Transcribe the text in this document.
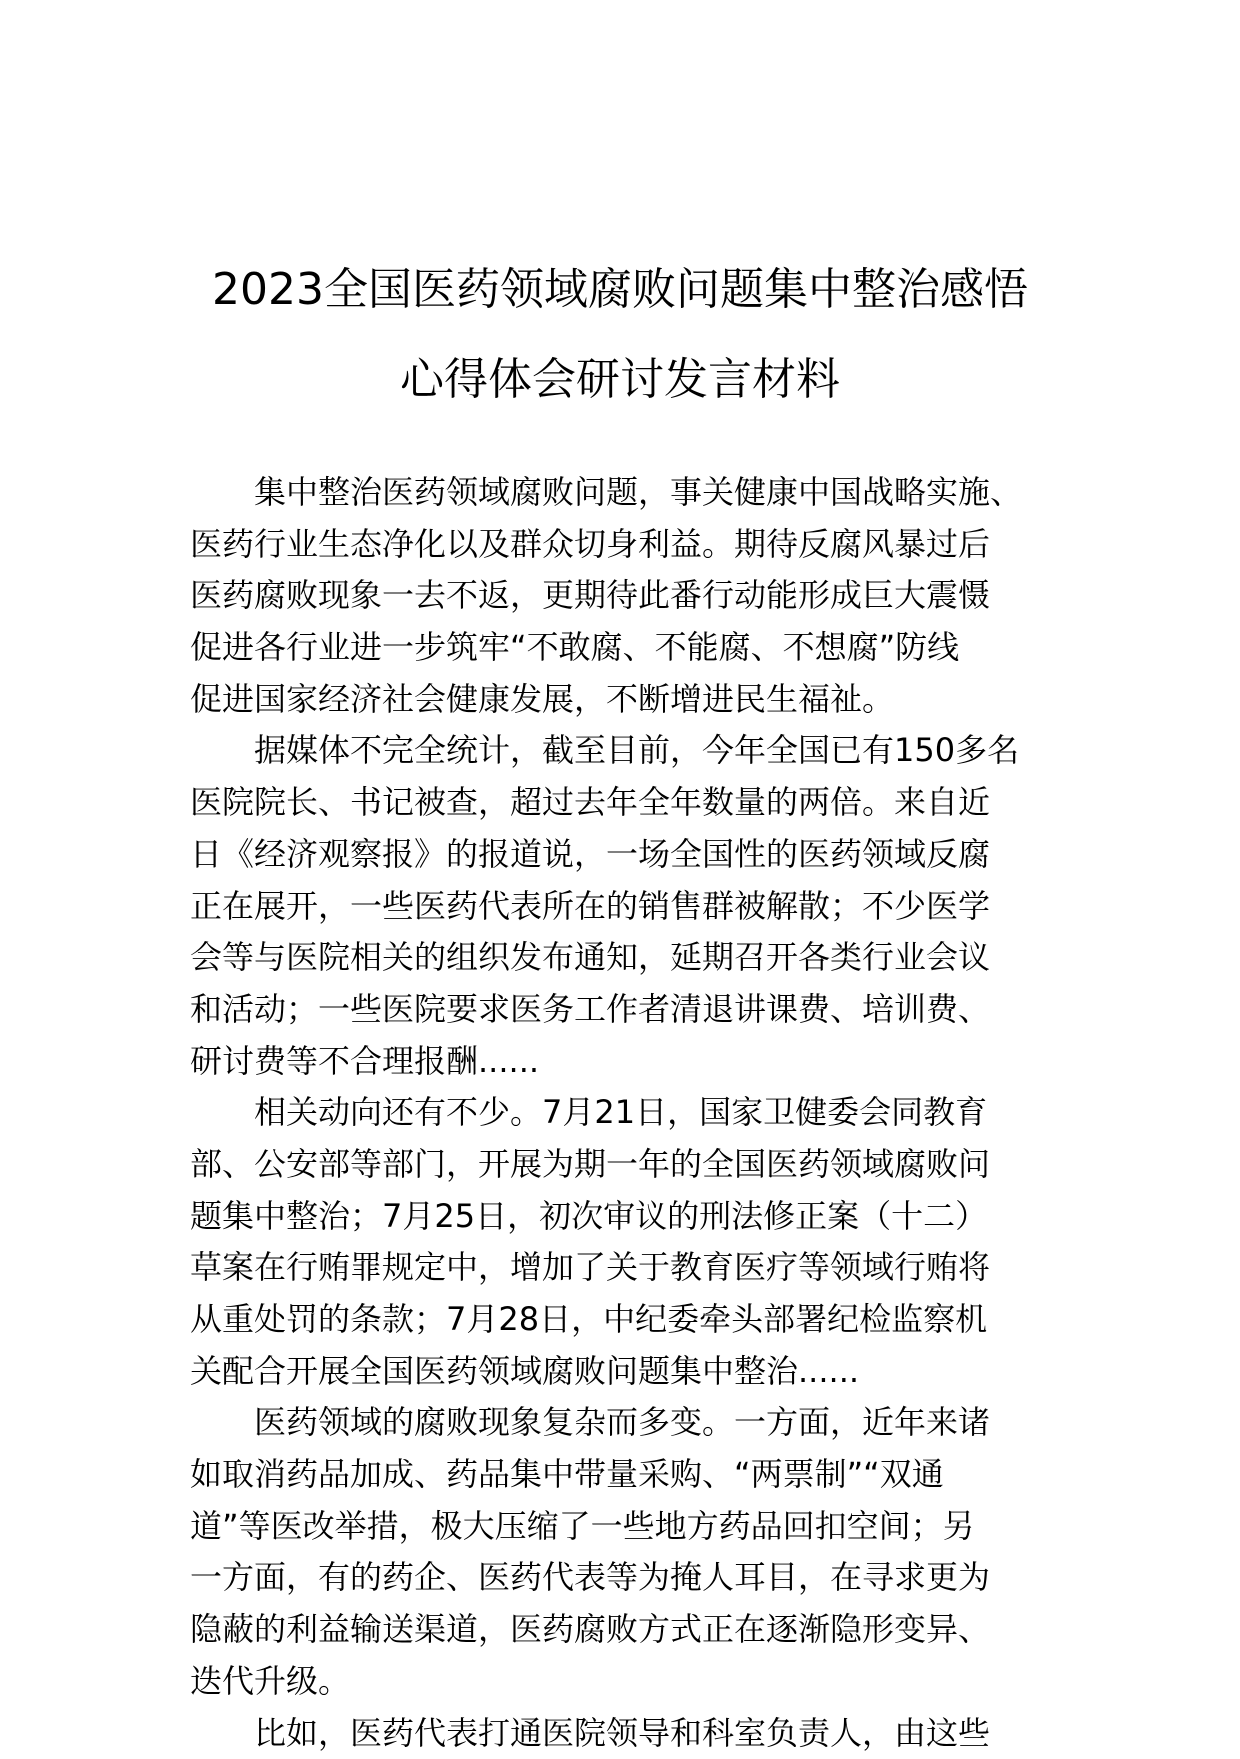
2023全国医药领域腐败问题集中整治感悟
心得体会研讨发言材料
集中整治医药领域腐败问题，事关健康中国战略实施、
医药行业生态净化以及群众切身利益。期待反腐风暴过后
医药腐败现象一去不返，更期待此番行动能形成巨大震慑
促进各行业进一步筑牢“不敢腐、不能腐、不想腐”防线
促进国家经济社会健康发展，不断增进民生福祉。
据媒体不完全统计，截至目前，今年全国已有150多名
医院院长、书记被查，超过去年全年数量的两倍。来自近
日《经济观察报》的报道说，一场全国性的医药领域反腐
正在展开，一些医药代表所在的销售群被解散；不少医学
会等与医院相关的组织发布通知，延期召开各类行业会议
和活动；一些医院要求医务工作者清退讲课费、培训费、
研讨费等不合理报酬......
相关动向还有不少。7月21日，国家卫健委会同教育
部、公安部等部门，开展为期一年的全国医药领域腐败问
题集中整治；7月25日，初次审议的刑法修正案（十二）
草案在行贿罪规定中，增加了关于教育医疗等领域行贿将
从重处罚的条款；7月28日，中纪委牵头部署纪检监察机
关配合开展全国医药领域腐败问题集中整治......
医药领域的腐败现象复杂而多变。一方面，近年来诸
如取消药品加成、药品集中带量采购、“两票制”“双通
道”等医改举措，极大压缩了一些地方药品回扣空间；另
一方面，有的药企、医药代表等为掩人耳目，在寻求更为
隐蔽的利益输送渠道，医药腐败方式正在逐渐隐形变异、
迭代升级。
比如，医药代表打通医院领导和科室负责人，由这些
